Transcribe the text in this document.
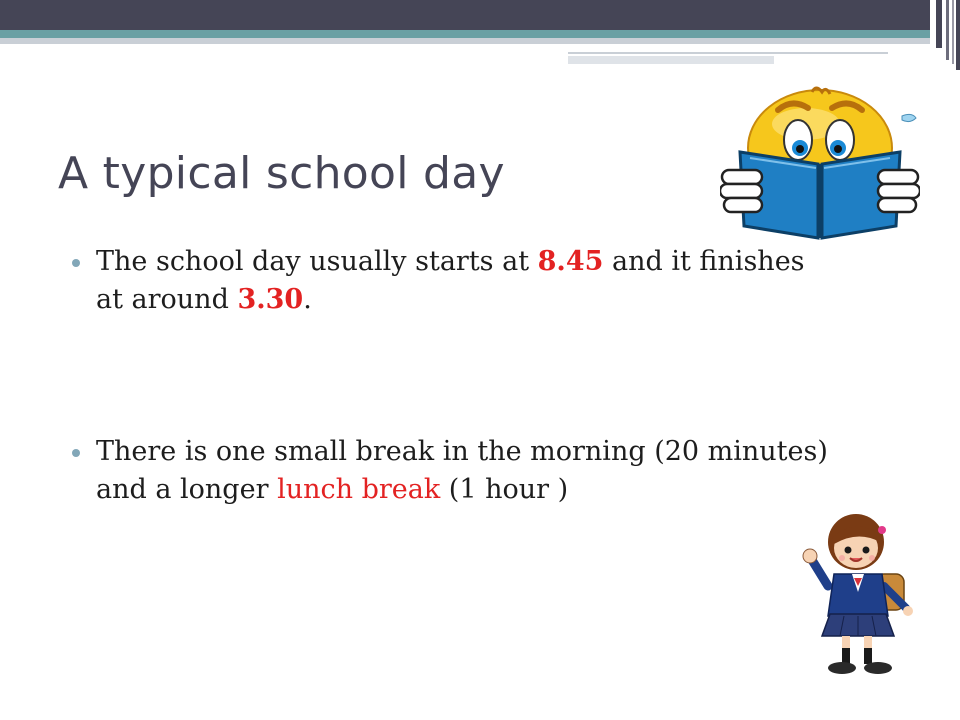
A typical school day
The school day usually starts at 8.45 and it finishes at around 3.30.
There is one small break in the morning (20 minutes) and a longer lunch break (1 hour )
